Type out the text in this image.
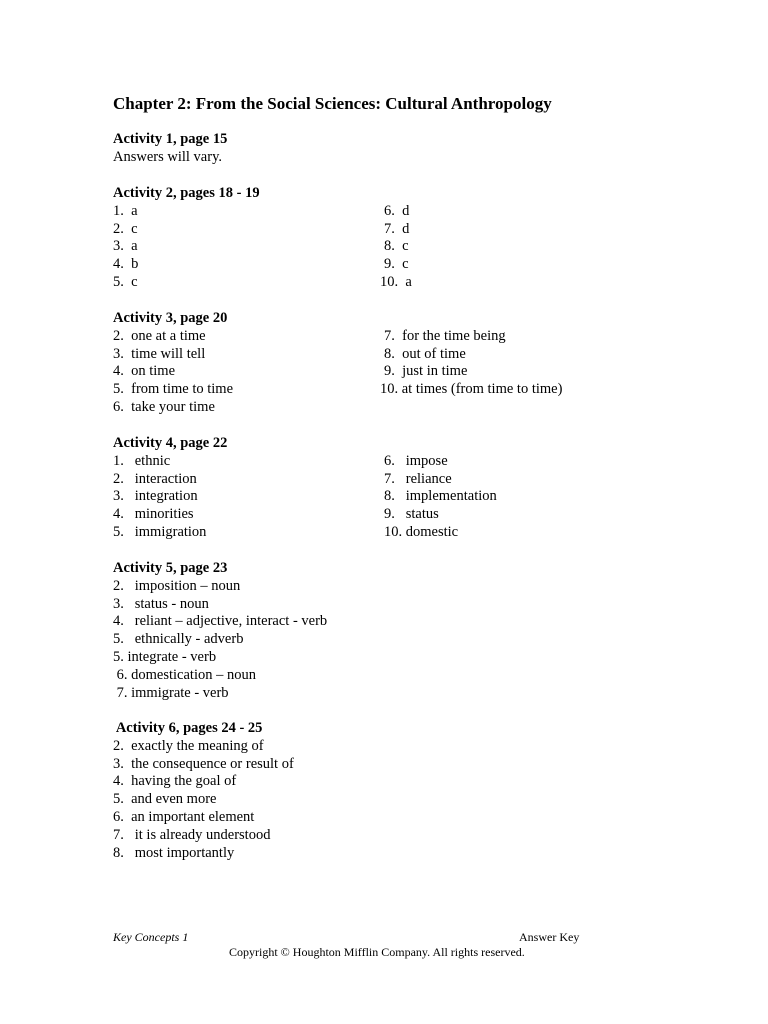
Chapter 2: From the Social Sciences: Cultural Anthropology
Activity 1, page 15
Answers will vary.
Activity 2, pages 18 - 19
1.  a
2.  c
3.  a
4.  b
5.  c
6.  d
7.  d
8.  c
9.  c
10.  a
Activity 3, page 20
2.  one at a time
3.  time will tell
4.  on time
5.  from time to time
6.  take your time
7.  for the time being
8.  out of time
9.  just in time
10. at times (from time to time)
Activity 4, page 22
1.   ethnic
2.   interaction
3.   integration
4.   minorities
5.   immigration
6.   impose
7.   reliance
8.   implementation
9.   status
10. domestic
Activity 5, page 23
2.   imposition – noun
3.   status - noun
4.   reliant – adjective, interact - verb
5.   ethnically - adverb
5. integrate - verb
6. domestication – noun
7. immigrate - verb
Activity 6, pages 24 - 25
2.  exactly the meaning of
3.  the consequence or result of
4.  having the goal of
5.  and even more
6.  an important element
7.   it is already understood
8.   most importantly
Key Concepts 1	Answer Key
Copyright © Houghton Mifflin Company. All rights reserved.
